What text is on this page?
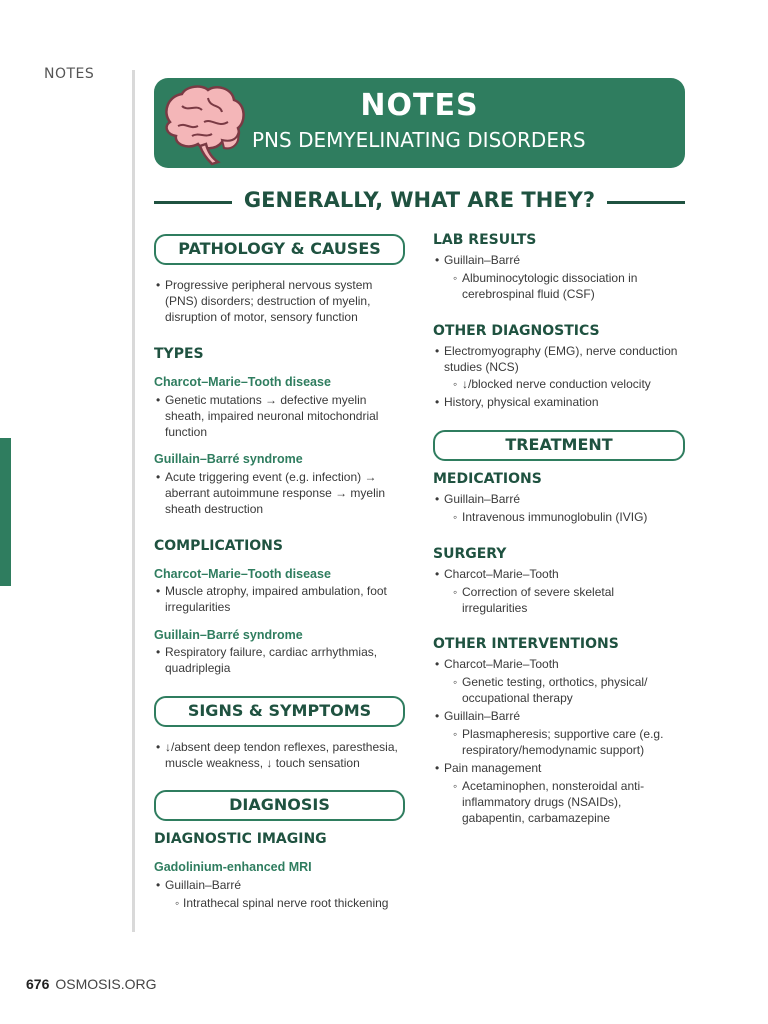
NOTES
NOTES
PNS DEMYELINATING DISORDERS
GENERALLY, WHAT ARE THEY?
PATHOLOGY & CAUSES
• Progressive peripheral nervous system (PNS) disorders; destruction of myelin, disruption of motor, sensory function
TYPES
Charcot–Marie–Tooth disease
• Genetic mutations → defective myelin sheath, impaired neuronal mitochondrial function
Guillain–Barré syndrome
• Acute triggering event (e.g. infection) → aberrant autoimmune response → myelin sheath destruction
COMPLICATIONS
Charcot–Marie–Tooth disease
• Muscle atrophy, impaired ambulation, foot irregularities
Guillain–Barré syndrome
• Respiratory failure, cardiac arrhythmias, quadriplegia
SIGNS & SYMPTOMS
• ↓/absent deep tendon reflexes, paresthesia, muscle weakness, ↓ touch sensation
DIAGNOSIS
DIAGNOSTIC IMAGING
Gadolinium-enhanced MRI
• Guillain–Barré
◦ Intrathecal spinal nerve root thickening
LAB RESULTS
• Guillain–Barré
◦ Albuminocytologic dissociation in cerebrospinal fluid (CSF)
OTHER DIAGNOSTICS
• Electromyography (EMG), nerve conduction studies (NCS)
◦ ↓/blocked nerve conduction velocity
• History, physical examination
TREATMENT
MEDICATIONS
• Guillain–Barré
◦ Intravenous immunoglobulin (IVIG)
SURGERY
• Charcot–Marie–Tooth
◦ Correction of severe skeletal irregularities
OTHER INTERVENTIONS
• Charcot–Marie–Tooth
◦ Genetic testing, orthotics, physical/ occupational therapy
• Guillain–Barré
◦ Plasmapheresis; supportive care (e.g. respiratory/hemodynamic support)
• Pain management
◦ Acetaminophen, nonsteroidal anti-inflammatory drugs (NSAIDs), gabapentin, carbamazepine
676 OSMOSIS.ORG
